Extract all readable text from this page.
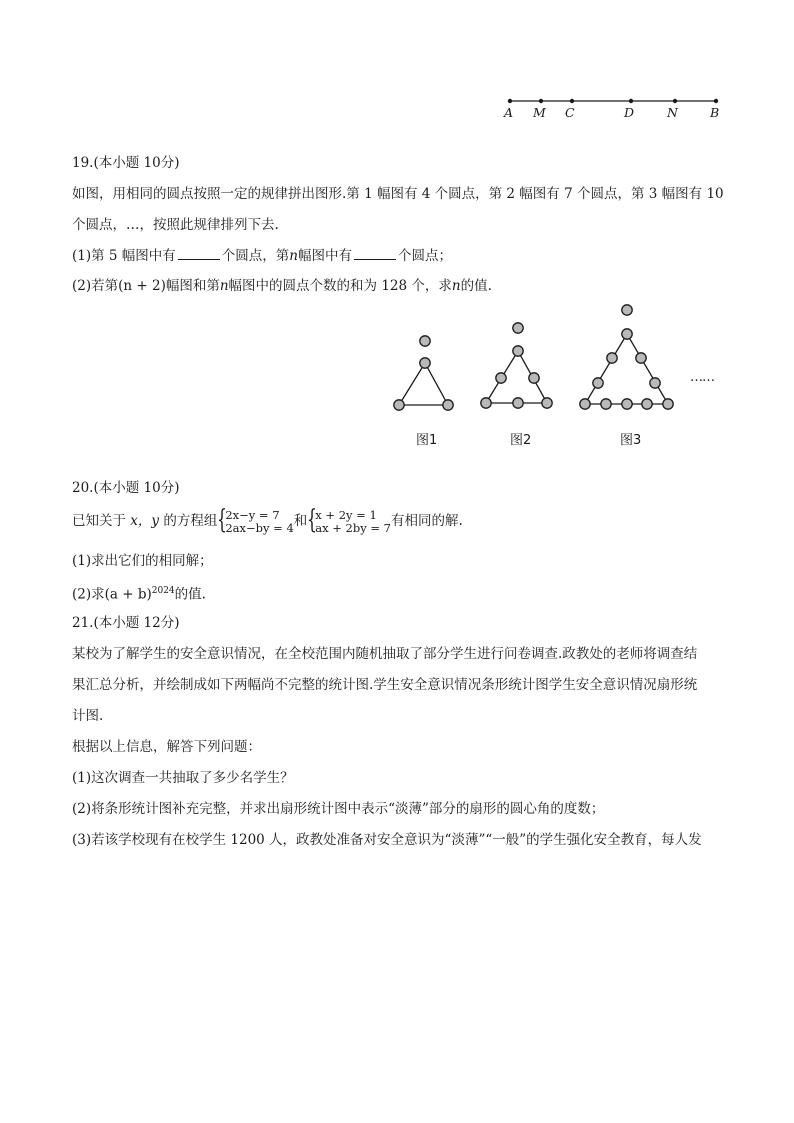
A M C	D	N	B
19.(本小题 10分)
如图，用相同的圆点按照一定的规律拼出图形.第 1 幅图有 4 个圆点，第 2 幅图有 7 个圆点，第 3 幅图有 10
个圆点，…，按照此规律排列下去.
(1)第 5 幅图中有	个圆点，第n幅图中有	个圆点；
(2)若第(n + 2)幅图和第n幅图中的圆点个数的和为 128 个，求n的值.
……
图1	图2	图3
20.(本小题 10分)
已知关于 x，y 的方程组 {
2x−y = 7
2ax−by = 4和 {
x + 2y = 1
ax + 2by = 7有相同的解.
(1)求出它们的相同解；
(2)求$(a + b)^{2024}$的值.
21.(本小题 12分)
某校为了解学生的安全意识情况，在全校范围内随机抽取了部分学生进行问卷调查.政教处的老师将调查结
果汇总分析，并绘制成如下两幅尚不完整的统计图.学生安全意识情况条形统计图学生安全意识情况扇形统
计图.
根据以上信息，解答下列问题：
(1)这次调查一共抽取了多少名学生？
(2)将条形统计图补充完整，并求出扇形统计图中表示“淡薄”部分的扇形的圆心角的度数；
(3)若该学校现有在校学生 1200 人，政教处准备对安全意识为“淡薄”“一般”的学生强化安全教育，每人发
